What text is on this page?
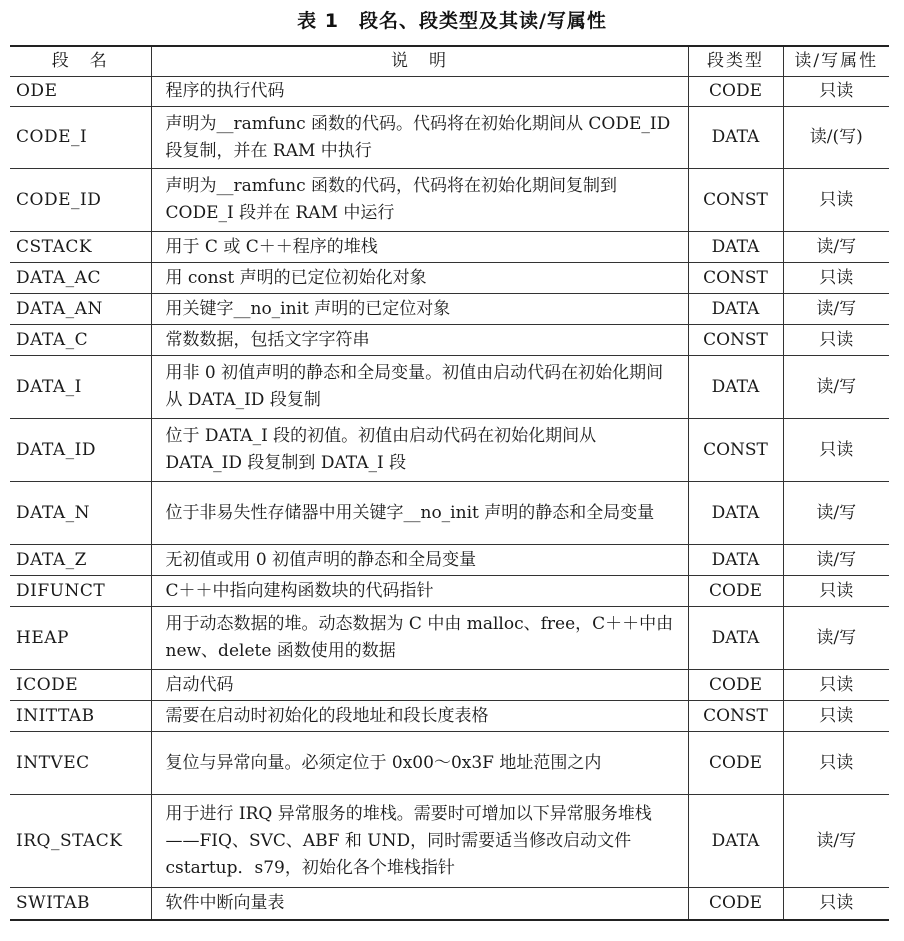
表 1　段名、段类型及其读/写属性
段　名	说　明	段类型	读/写属性
ODE	程序的执行代码	CODE	只读
CODE_I	声明为__ramfunc 函数的代码。代码将在初始化期间从 CODE_ID 段复制，并在 RAM 中执行	DATA	读/(写)
CODE_ID	声明为__ramfunc 函数的代码，代码将在初始化期间复制到 CODE_I 段并在 RAM 中运行	CONST	只读
CSTACK	用于 C 或 C＋＋程序的堆栈	DATA	读/写
DATA_AC	用 const 声明的已定位初始化对象	CONST	只读
DATA_AN	用关键字__no_init 声明的已定位对象	DATA	读/写
DATA_C	常数数据，包括文字字符串	CONST	只读
DATA_I	用非 0 初值声明的静态和全局变量。初值由启动代码在初始化期间从 DATA_ID 段复制	DATA	读/写
DATA_ID	位于 DATA_I 段的初值。初值由启动代码在初始化期间从 DATA_ID 段复制到 DATA_I 段	CONST	只读
DATA_N	位于非易失性存储器中用关键字__no_init 声明的静态和全局变量	DATA	读/写
DATA_Z	无初值或用 0 初值声明的静态和全局变量	DATA	读/写
DIFUNCT	C＋＋中指向建构函数块的代码指针	CODE	只读
HEAP	用于动态数据的堆。动态数据为 C 中由 malloc、free，C＋＋中由 new、delete 函数使用的数据	DATA	读/写
ICODE	启动代码	CODE	只读
INITTAB	需要在启动时初始化的段地址和段长度表格	CONST	只读
INTVEC	复位与异常向量。必须定位于 0x00～0x3F 地址范围之内	CODE	只读
IRQ_STACK	用于进行 IRQ 异常服务的堆栈。需要时可增加以下异常服务堆栈——FIQ、SVC、ABF 和 UND，同时需要适当修改启动文件 cstartup．s79，初始化各个堆栈指针	DATA	读/写
SWITAB	软件中断向量表	CODE	只读
